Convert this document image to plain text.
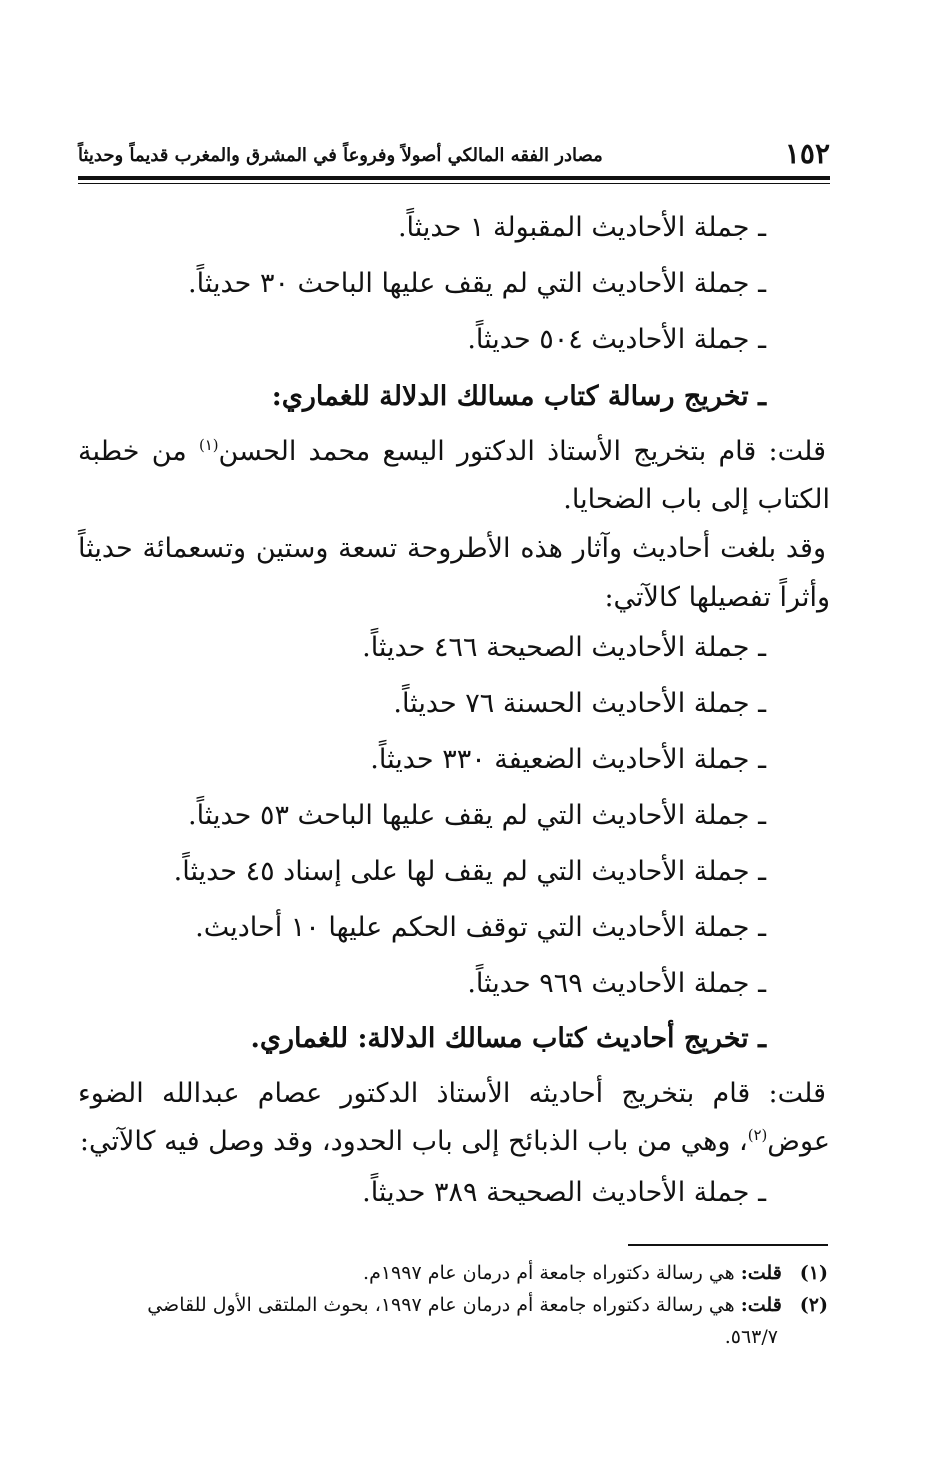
١٥٢
مصادر الفقه المالكي أصولاً وفروعاً في المشرق والمغرب قديماً وحديثاً
ـ جملة الأحاديث المقبولة ١ حديثاً.
ـ جملة الأحاديث التي لم يقف عليها الباحث ٣٠ حديثاً.
ـ جملة الأحاديث ٥٠٤ حديثاً.
ـ تخريج رسالة كتاب مسالك الدلالة للغماري:
قلت: قام بتخريج الأستاذ الدكتور اليسع محمد الحسن$^{(١)}$ من خطبة
الكتاب إلى باب الضحايا.
وقد بلغت أحاديث وآثار هذه الأطروحة تسعة وستين وتسعمائة حديثاً
وأثراً تفصيلها كالآتي:
ـ جملة الأحاديث الصحيحة ٤٦٦ حديثاً.
ـ جملة الأحاديث الحسنة ٧٦ حديثاً.
ـ جملة الأحاديث الضعيفة ٣٣٠ حديثاً.
ـ جملة الأحاديث التي لم يقف عليها الباحث ٥٣ حديثاً.
ـ جملة الأحاديث التي لم يقف لها على إسناد ٤٥ حديثاً.
ـ جملة الأحاديث التي توقف الحكم عليها ١٠ أحاديث.
ـ جملة الأحاديث ٩٦٩ حديثاً.
ـ تخريج أحاديث كتاب مسالك الدلالة: للغماري.
قلت: قام بتخريج أحاديثه الأستاذ الدكتور عصام عبدالله الضوء
عوض$^{(٢)}$، وهي من باب الذبائح إلى باب الحدود، وقد وصل فيه كالآتي:
ـ جملة الأحاديث الصحيحة ٣٨٩ حديثاً.
(١)قلت: هي رسالة دكتوراه جامعة أم درمان عام ١٩٩٧م.
(٢)قلت: هي رسالة دكتوراه جامعة أم درمان عام ١٩٩٧، بحوث الملتقى الأول للقاضي
٥٦٣/٧.
